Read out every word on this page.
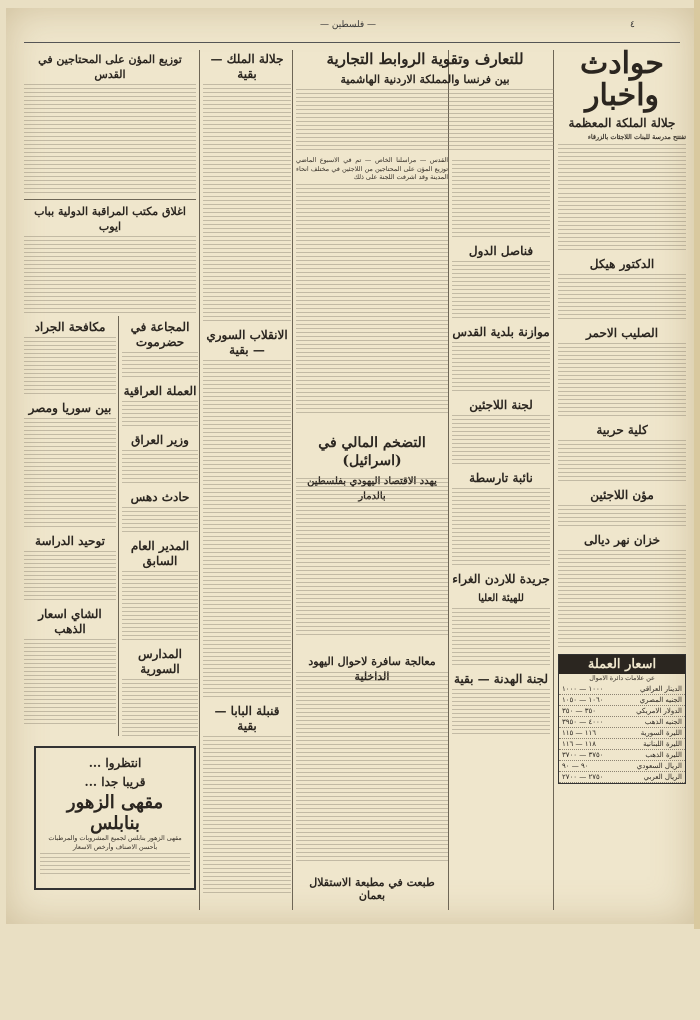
٤
— فلسطين —
حوادث واخبار
جلالة الملكة المعظمة
تفتتح مدرسة للبنات اللاجئات بالزرقاء
الدكتور هيكل
الصليب الاحمر
كلية حربية
مؤن اللاجئين
خزان نهر ديالى
اسعار العملة
عن علامات دائرة الاموال
الدينار العراقي
١٠٠٠ — ١٠٠٠
الجنيه المصري
١٠٦٠ — ١٠٥٠
الدولار الامريكي
٣٥٠ — ٣٥٠
الجنيه الذهب
٤٠٠٠ — ٣٩٥٠
الليرة السورية
١١٦ — ١١٥
الليرة اللبنانية
١١٨ — ١١٦
الليرة الذهب
٣٧٥٠ — ٣٧٠٠
الريال السعودي
٩٠ — ٩٠
الريال العربي
٢٧٥٠ — ٢٧٠٠
فناصل الدول
موازنة بلدية القدس
لجنة اللاجئين
نائبة تارسطة
جريدة للاردن الغراء
للهيئة العليا
لجنة الهدنة — بقية
للتعارف وتقوية الروابط التجارية
بين فرنسا والمملكة الاردنية الهاشمية
القدس — مراسلنا الخاص — تم في الاسبوع الماضي توزيع المؤن على المحتاجين من اللاجئين في مختلف انحاء المدينة وقد اشرفت اللجنة على ذلك
التضخم المالي في (اسرائيل)
يهدد الاقتصاد اليهودي بفلسطين بالدمار
معالجة سافرة لاحوال اليهود الداخلية
طبعت في مطبعة الاستقلال بعمان
جلالة الملك — بقية
الانقلاب السوري — بقية
قنبلة البابا — بقية
توزيع المؤن على المحتاجين في القدس
اغلاق مكتب المراقبة الدولية بباب ايوب
المجاعة في حضرموت
العملة العراقية
وزير العراق
حادث دهس
المدير العام السابق
المدارس السورية
مكافحة الجراد
بين سوريا ومصر
توحيد الدراسة
الشاي اسعار الذهب
انتظروا ...
قريبا جدا ...
مقهى الزهور بنابلس
مقهى الزهور بنابلس لجميع المشروبات والمرطبات بأحسن الاصناف وأرخص الاسعار
